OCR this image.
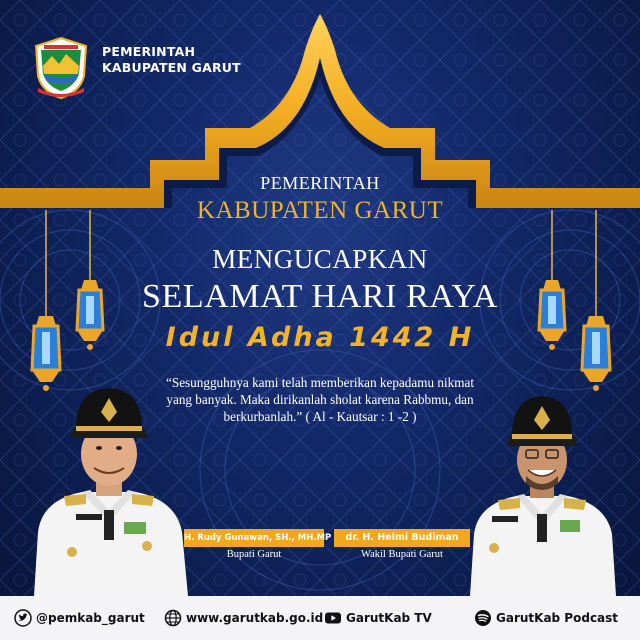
PEMERINTAH
KABUPATEN GARUT
PEMERINTAH
KABUPATEN GARUT
MENGUCAPKAN
SELAMAT HARI RAYA
Idul Adha 1442 H
“Sesungguhnya kami telah memberikan kepadamu nikmat yang banyak. Maka dirikanlah sholat karena Rabbmu, dan berkurbanlah.” ( Al - Kautsar : 1 -2 )
H. Rudy Gunawan, SH., MH.MP
Bupati Garut
dr. H. Helmi Budiman
Wakil Bupati Garut
@pemkab_garut	www.garutkab.go.id GarutKab TV	GarutKab Podcast
